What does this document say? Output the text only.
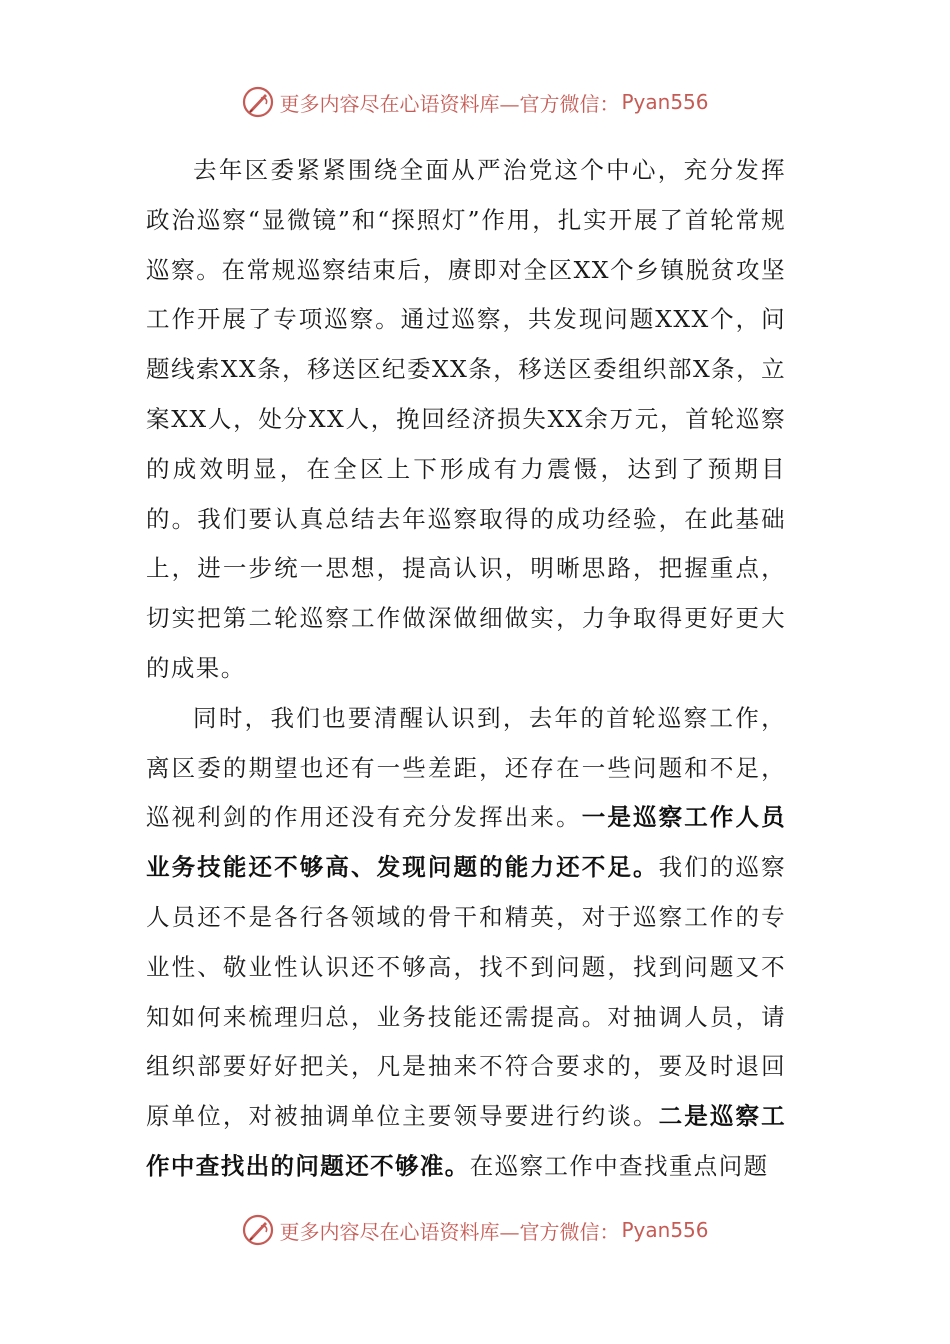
更多内容尽在心语资料库—官方微信： Pyan556

去年区委紧紧围绕全面从严治党这个中心，充分发挥政治巡察“显微镜”和“探照灯”作用，扎实开展了首轮常规巡察。在常规巡察结束后，赓即对全区XX个乡镇脱贫攻坚工作开展了专项巡察。通过巡察，共发现问题XXX个，问题线索XX条，移送区纪委XX条，移送区委组织部X条，立案XX人，处分XX人，挽回经济损失XX余万元，首轮巡察的成效明显，在全区上下形成有力震慑，达到了预期目的。我们要认真总结去年巡察取得的成功经验，在此基础上，进一步统一思想，提高认识，明晰思路，把握重点，切实把第二轮巡察工作做深做细做实，力争取得更好更大的成果。

同时，我们也要清醒认识到，去年的首轮巡察工作，离区委的期望也还有一些差距，还存在一些问题和不足，巡视利剑的作用还没有充分发挥出来。一是巡察工作人员业务技能还不够高、发现问题的能力还不足。我们的巡察人员还不是各行各领域的骨干和精英，对于巡察工作的专业性、敬业性认识还不够高，找不到问题，找到问题又不知如何来梳理归总，业务技能还需提高。对抽调人员，请组织部要好好把关，凡是抽来不符合要求的，要及时退回原单位，对被抽调单位主要领导要进行约谈。二是巡察工作中查找出的问题还不够准。在巡察工作中查找重点问题

更多内容尽在心语资料库—官方微信： Pyan556
